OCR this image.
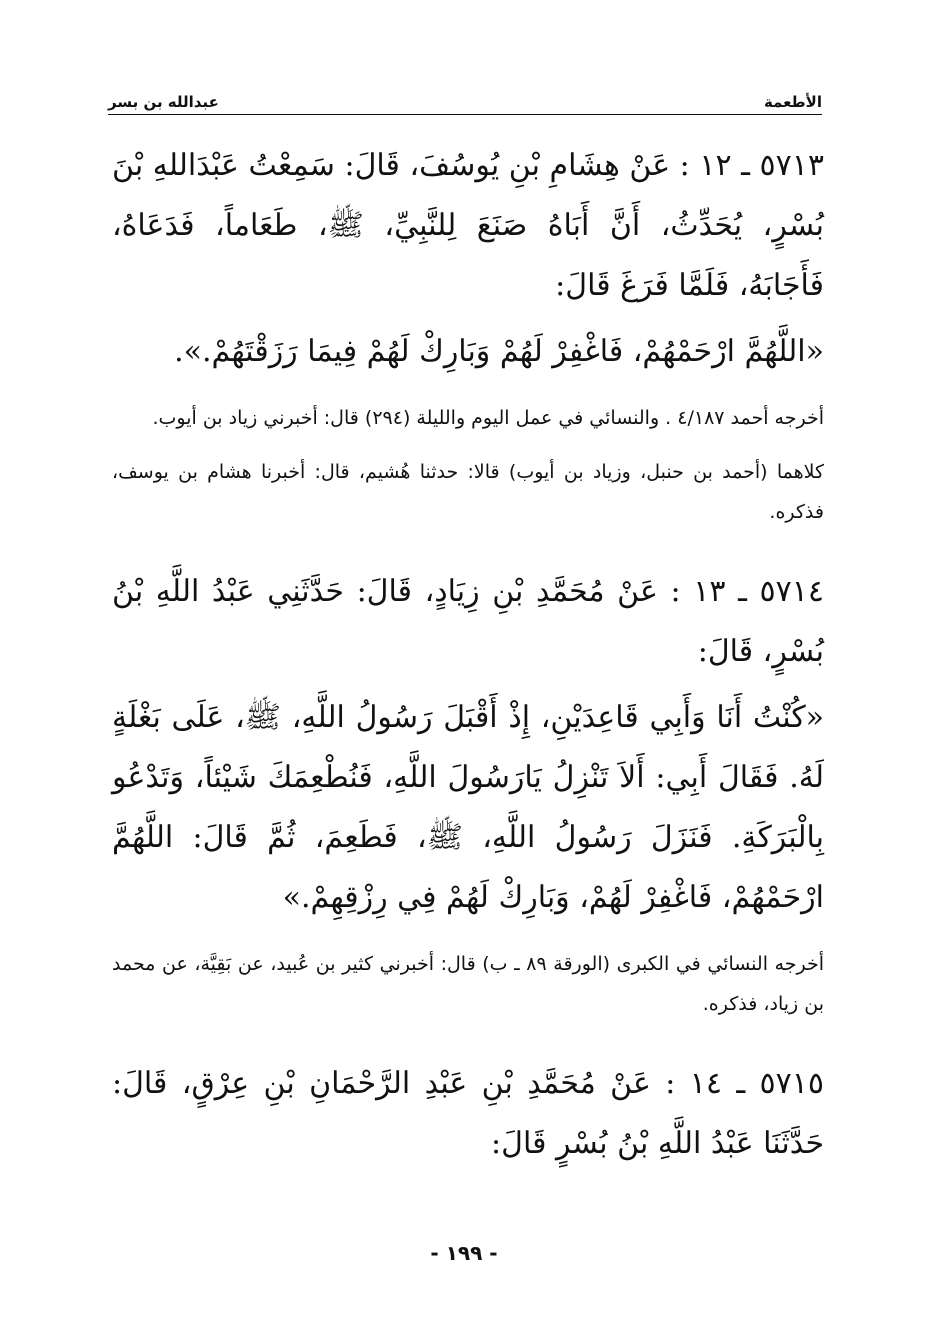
عبدالله بن بسر	الأطعمة

٥٧١٣ ـ ١٢ : عَنْ هِشَامِ بْنِ يُوسُفَ، قَالَ: سَمِعْتُ عَبْدَاللهِ بْنَ بُسْرٍ، يُحَدِّثُ، أَنَّ أَبَاهُ صَنَعَ لِلنَّبِيِّ، ﷺ، طَعَاماً، فَدَعَاهُ، فَأَجَابَهُ، فَلَمَّا فَرَغَ قَالَ:

«اللَّهُمَّ ارْحَمْهُمْ، فَاغْفِرْ لَهُمْ وَبَارِكْ لَهُمْ فِيمَا رَزَقْتَهُمْ.».

أخرجه أحمد ٤/١٨٧ . والنسائي في عمل اليوم والليلة (٢٩٤) قال: أخبرني زياد بن أيوب.

كلاهما (أحمد بن حنبل، وزياد بن أيوب) قالا: حدثنا هُشيم، قال: أخبرنا هشام بن يوسف، فذكره.

٥٧١٤ ـ ١٣ : عَنْ مُحَمَّدِ بْنِ زِيَادٍ، قَالَ: حَدَّثَنِي عَبْدُ اللَّهِ بْنُ بُسْرٍ، قَالَ:

«كُنْتُ أَنَا وَأَبِي قَاعِدَيْنِ، إِذْ أَقْبَلَ رَسُولُ اللَّهِ، ﷺ، عَلَى بَغْلَةٍ لَهُ. فَقَالَ أَبِي: أَلاَ تَنْزِلُ يَارَسُولَ اللَّهِ، فَنُطْعِمَكَ شَيْئاً، وَتَدْعُو بِالْبَرَكَةِ. فَنَزَلَ رَسُولُ اللَّهِ، ﷺ، فَطَعِمَ، ثُمَّ قَالَ: اللَّهُمَّ ارْحَمْهُمْ، فَاغْفِرْ لَهُمْ، وَبَارِكْ لَهُمْ فِي رِزْقِهِمْ.»

أخرجه النسائي في الكبرى (الورقة ٨٩ ـ ب) قال: أخبرني كثير بن عُبيد، عن بَقِيَّة، عن محمد بن زياد، فذكره.

٥٧١٥ ـ ١٤ : عَنْ مُحَمَّدِ بْنِ عَبْدِ الرَّحْمَانِ بْنِ عِرْقٍ، قَالَ: حَدَّثَنَا عَبْدُ اللَّهِ بْنُ بُسْرٍ قَالَ:

- ١٩٩ -
